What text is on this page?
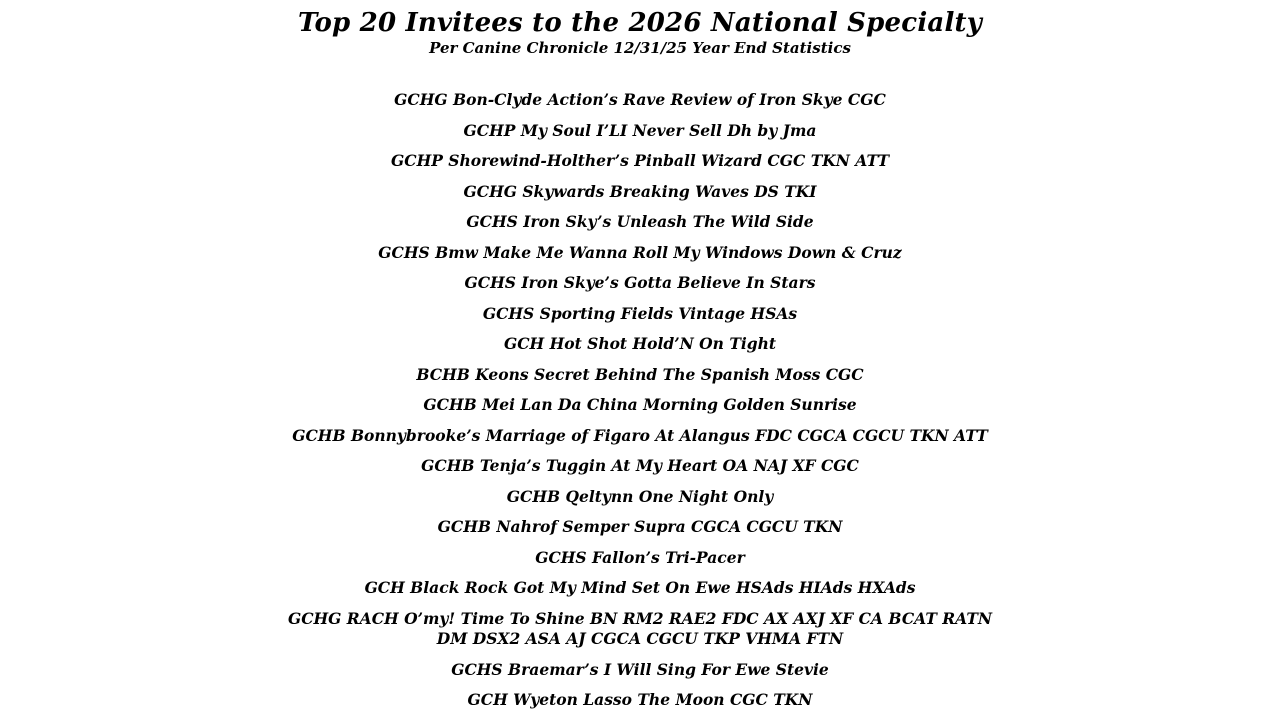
Top 20 Invitees to the 2026 National Specialty
Per Canine Chronicle 12/31/25 Year End Statistics
GCHG Bon-Clyde Action’s Rave Review of Iron Skye CGC
GCHP My Soul I’LI Never Sell Dh by Jma
GCHP Shorewind-Holther’s Pinball Wizard CGC TKN ATT
GCHG Skywards Breaking Waves DS TKI
GCHS Iron Sky’s Unleash The Wild Side
GCHS Bmw Make Me Wanna Roll My Windows Down & Cruz
GCHS Iron Skye’s Gotta Believe In Stars
GCHS Sporting Fields Vintage HSAs
GCH Hot Shot Hold’N On Tight
BCHB Keons Secret Behind The Spanish Moss CGC
GCHB Mei Lan Da China Morning Golden Sunrise
GCHB Bonnybrooke’s Marriage of Figaro At Alangus FDC CGCA CGCU TKN ATT
GCHB Tenja’s Tuggin At My Heart OA NAJ XF CGC
GCHB Qeltynn One Night Only
GCHB Nahrof Semper Supra CGCA CGCU TKN
GCHS Fallon’s Tri-Pacer
GCH Black Rock Got My Mind Set On Ewe HSAds HIAds HXAds
GCHG RACH O’my! Time To Shine BN RM2 RAE2 FDC AX AXJ XF CA BCAT RATN
DM DSX2 ASA AJ CGCA CGCU TKP VHMA FTN
GCHS Braemar’s I Will Sing For Ewe Stevie
GCH Wyeton Lasso The Moon CGC TKN
